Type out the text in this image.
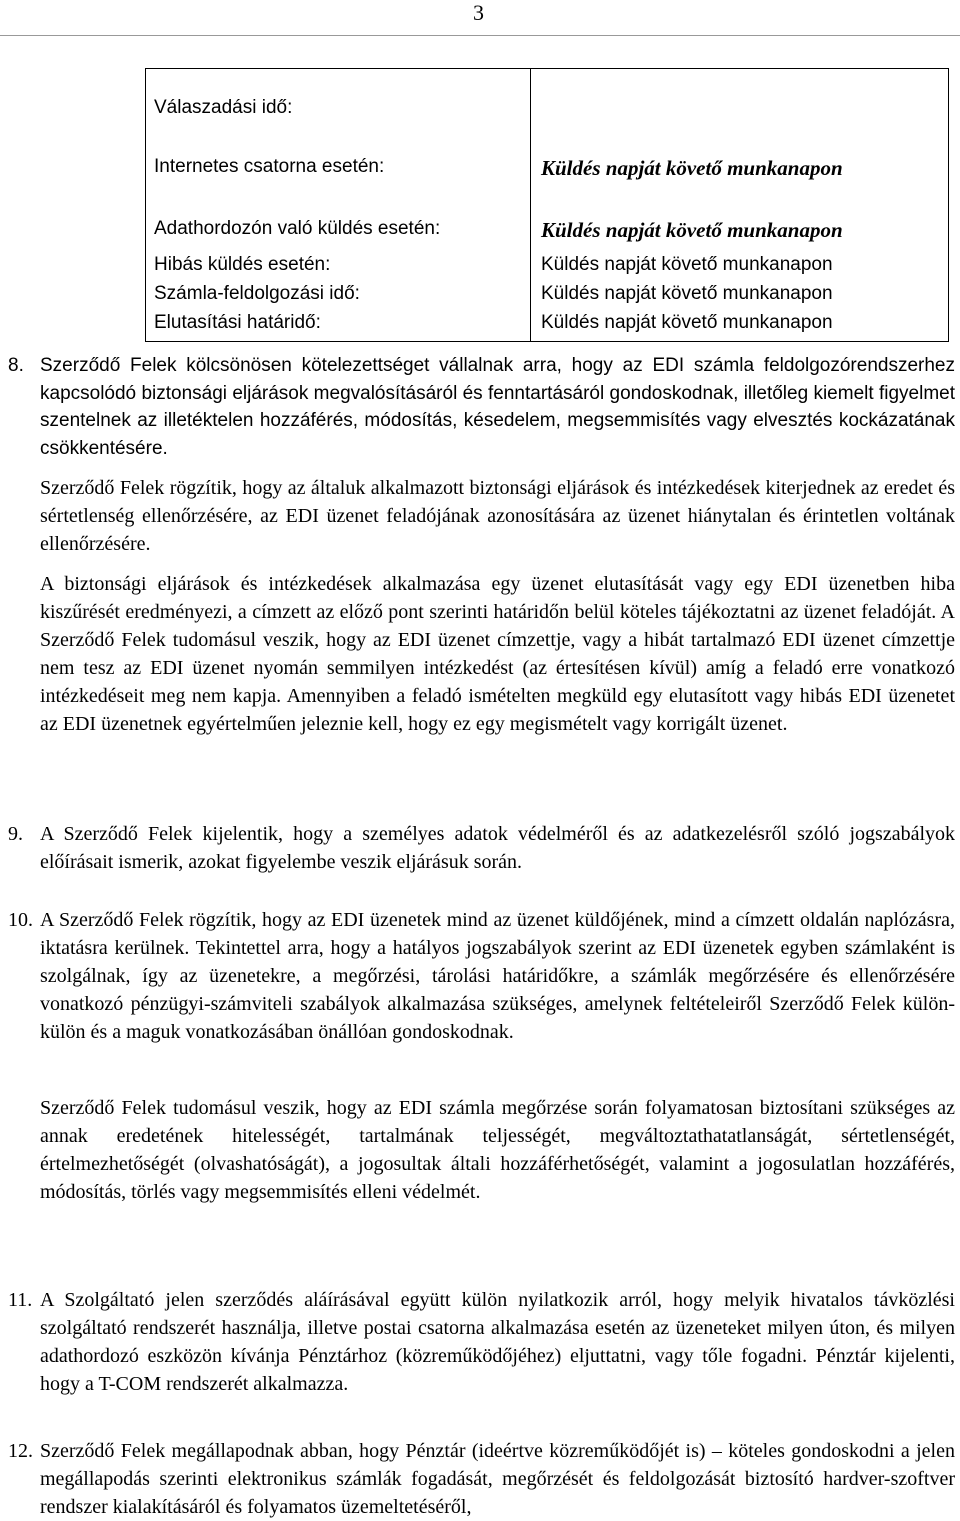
3
Válaszadási idő:
Internetes csatorna esetén:	Küldés napját követő munkanapon
Adathordozón való küldés esetén:	Küldés napját követő munkanapon
Hibás küldés esetén:	Küldés napját követő munkanapon
Számla-feldolgozási idő:	Küldés napját követő munkanapon
Elutasítási határidő:	Küldés napját követő munkanapon
8. Szerződő Felek kölcsönösen kötelezettséget vállalnak arra, hogy az EDI számla feldolgozórendszerhez kapcsolódó biztonsági eljárások megvalósításáról és fenntartásáról gondoskodnak, illetőleg kiemelt figyelmet szentelnek az illetéktelen hozzáférés, módosítás, késedelem, megsemmisítés vagy elvesztés kockázatának csökkentésére.

Szerződő Felek rögzítik, hogy az általuk alkalmazott biztonsági eljárások és intézkedések kiterjednek az eredet és sértetlenség ellenőrzésére, az EDI üzenet feladójának azonosítására az üzenet hiánytalan és érintetlen voltának ellenőrzésére.

A biztonsági eljárások és intézkedések alkalmazása egy üzenet elutasítását vagy egy EDI üzenetben hiba kiszűrését eredményezi, a címzett az előző pont szerinti határidőn belül köteles tájékoztatni az üzenet feladóját. A Szerződő Felek tudomásul veszik, hogy az EDI üzenet címzettje, vagy a hibát tartalmazó EDI üzenet címzettje nem tesz az EDI üzenet nyomán semmilyen intézkedést (az értesítésen kívül) amíg a feladó erre vonatkozó intézkedéseit meg nem kapja. Amennyiben a feladó ismételten megküld egy elutasított vagy hibás EDI üzenetet az EDI üzenetnek egyértelműen jeleznie kell, hogy ez egy megismételt vagy korrigált üzenet.

9. A Szerződő Felek kijelentik, hogy a személyes adatok védelméről és az adatkezelésről szóló jogszabályok előírásait ismerik, azokat figyelembe veszik eljárásuk során.

10. A Szerződő Felek rögzítik, hogy az EDI üzenetek mind az üzenet küldőjének, mind a címzett oldalán naplózásra, iktatásra kerülnek. Tekintettel arra, hogy a hatályos jogszabályok szerint az EDI üzenetek egyben számlaként is szolgálnak, így az üzenetekre, a megőrzési, tárolási határidőkre, a számlák megőrzésére és ellenőrzésére vonatkozó pénzügyi-számviteli szabályok alkalmazása szükséges, amelynek feltételeiről Szerződő Felek külön-külön és a maguk vonatkozásában önállóan gondoskodnak.

Szerződő Felek tudomásul veszik, hogy az EDI számla megőrzése során folyamatosan biztosítani szükséges az annak eredetének hitelességét, tartalmának teljességét, megváltoztathatatlanságát, sértetlenségét, értelmezhetőségét (olvashatóságát), a jogosultak általi hozzáférhetőségét, valamint a jogosulatlan hozzáférés, módosítás, törlés vagy megsemmisítés elleni védelmét.

11. A Szolgáltató jelen szerződés aláírásával együtt külön nyilatkozik arról, hogy melyik hivatalos távközlési szolgáltató rendszerét használja, illetve postai csatorna alkalmazása esetén az üzeneteket milyen úton, és milyen adathordozó eszközön kívánja Pénztárhoz (közreműködőjéhez) eljuttatni, vagy tőle fogadni. Pénztár kijelenti, hogy a T-COM rendszerét alkalmazza.

12. Szerződő Felek megállapodnak abban, hogy Pénztár (ideértve közreműködőjét is) – köteles gondoskodni a jelen megállapodás szerinti elektronikus számlák fogadását, megőrzését és feldolgozását biztosító hardver-szoftver rendszer kialakításáról és folyamatos üzemeltetéséről,
